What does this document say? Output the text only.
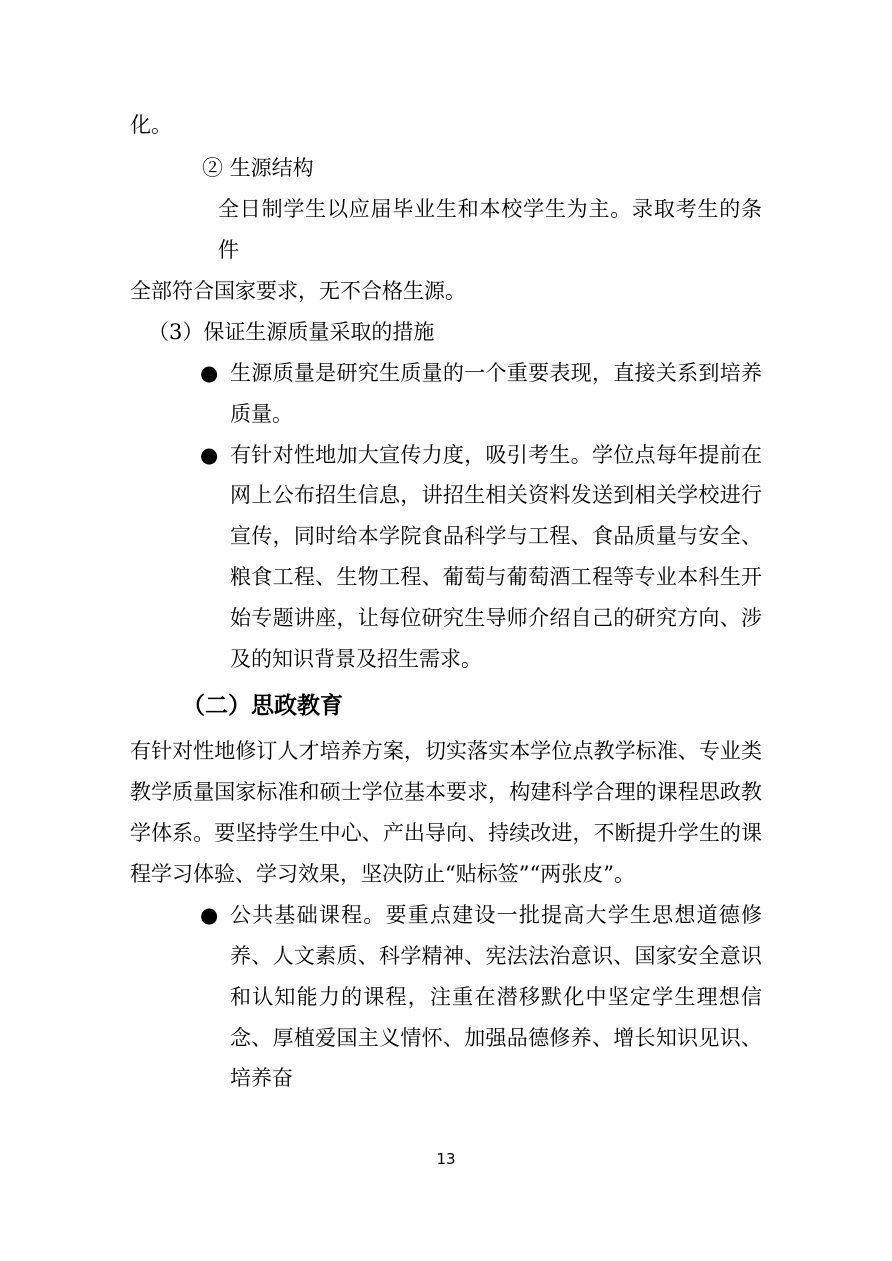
化。

② 生源结构

全日制学生以应届毕业生和本校学生为主。录取考生的条件

全部符合国家要求，无不合格生源。

（3）保证生源质量采取的措施

● 生源质量是研究生质量的一个重要表现，直接关系到培养质量。
● 有针对性地加大宣传力度，吸引考生。学位点每年提前在网上公布招生信息，讲招生相关资料发送到相关学校进行宣传，同时给本学院食品科学与工程、食品质量与安全、粮食工程、生物工程、葡萄与葡萄酒工程等专业本科生开始专题讲座，让每位研究生导师介绍自己的研究方向、涉及的知识背景及招生需求。

（二）思政教育

有针对性地修订人才培养方案，切实落实本学位点教学标准、专业类教学质量国家标准和硕士学位基本要求，构建科学合理的课程思政教学体系。要坚持学生中心、产出导向、持续改进，不断提升学生的课程学习体验、学习效果，坚决防止“贴标签”“两张皮”。

● 公共基础课程。要重点建设一批提高大学生思想道德修养、人文素质、科学精神、宪法法治意识、国家安全意识和认知能力的课程，注重在潜移默化中坚定学生理想信念、厚植爱国主义情怀、加强品德修养、增长知识见识、培养奋
13
